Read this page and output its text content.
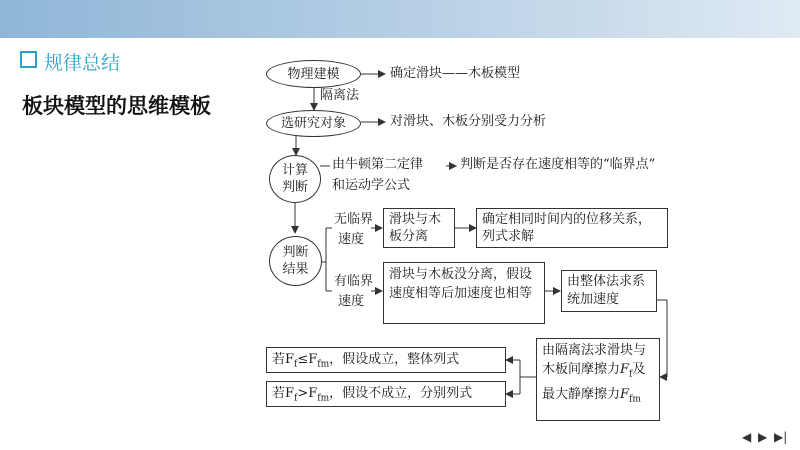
规律总结
板块模型的思维模板
物理建模	确定滑块——木板模型
隔离法
选研究对象	对滑块、木板分别受力分析
计算
判断
由牛顿第二定律
和运动学公式
判断是否存在速度相等的“临界点”
判断
结果
无临界
速度
滑块与木板分离
确定相同时间内的位移关系，列式求解
有临界
速度
滑块与木板没分离，假设速度相等后加速度也相等
由整体法求系统加速度
由隔离法求滑块与木板间摩擦力$F_f$及最大静摩擦力$F_{fm}$
若$F_f\le F_{fm}$，假设成立，整体列式
若$F_f>F_{fm}$，假设不成立，分别列式
◀ ▶ ▶|
